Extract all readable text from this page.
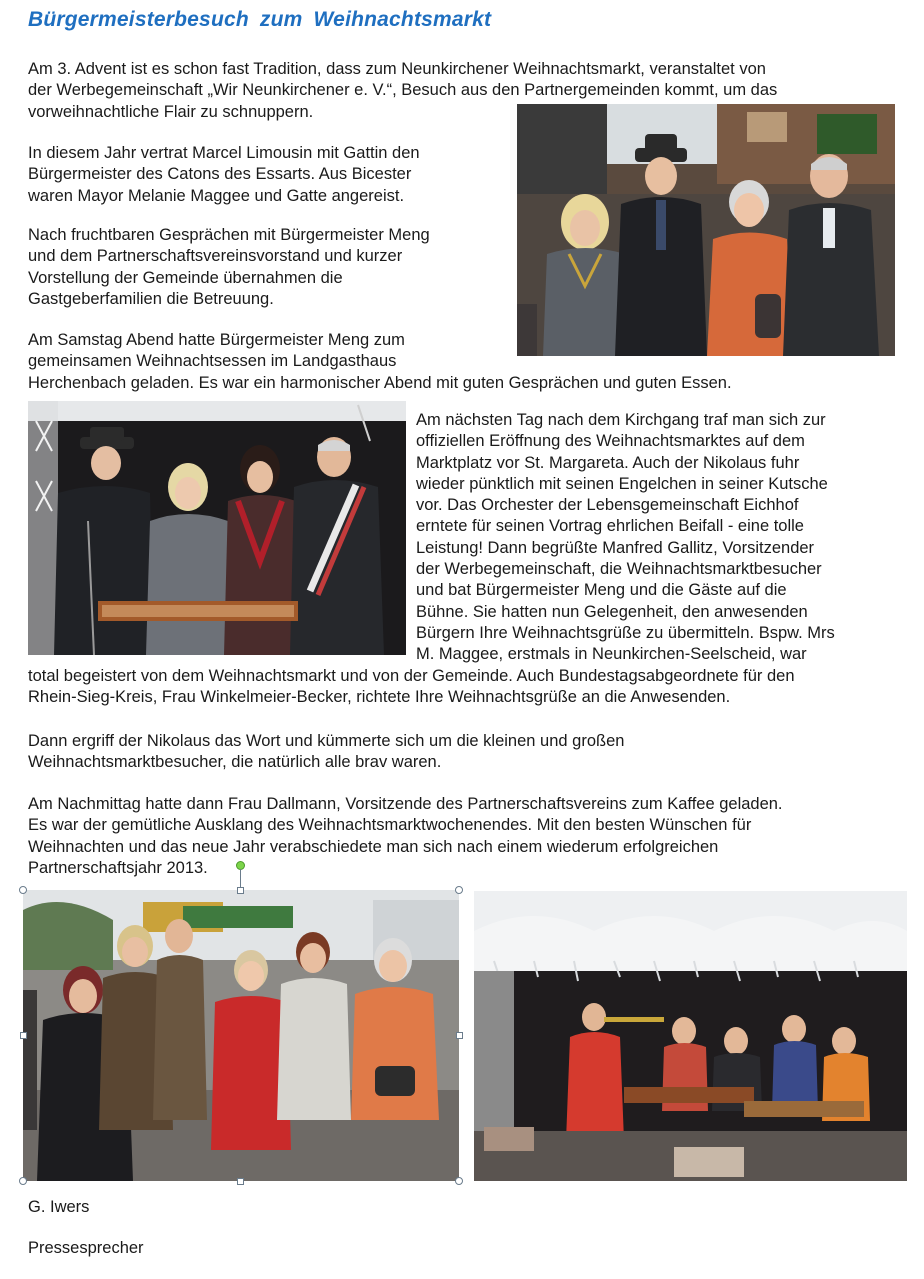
Bürgermeisterbesuch zum Weihnachtsmarkt
Am 3. Advent ist es schon fast Tradition, dass zum Neunkirchener Weihnachtsmarkt, veranstaltet von
der Werbegemeinschaft „Wir Neunkirchener e. V.“, Besuch aus den Partnergemeinden kommt, um das
vorweihnachtliche Flair zu schnuppern.
In diesem Jahr vertrat Marcel Limousin mit Gattin den
Bürgermeister des Catons des Essarts. Aus Bicester
waren Mayor Melanie Maggee und Gatte angereist.
Nach fruchtbaren Gesprächen mit Bürgermeister Meng
und dem Partnerschaftsvereinsvorstand und kurzer
Vorstellung der Gemeinde übernahmen die
Gastgeberfamilien die Betreuung.
Am Samstag Abend hatte Bürgermeister Meng zum
gemeinsamen Weihnachtsessen im Landgasthaus
Herchenbach geladen. Es war ein harmonischer Abend mit guten Gesprächen und guten Essen.
Am nächsten Tag nach dem Kirchgang traf man sich zur
offiziellen Eröffnung des Weihnachtsmarktes auf dem
Marktplatz vor St. Margareta. Auch der Nikolaus fuhr
wieder pünktlich mit seinen Engelchen in seiner Kutsche
vor. Das Orchester der Lebensgemeinschaft Eichhof
erntete für seinen Vortrag ehrlichen Beifall - eine tolle
Leistung! Dann begrüßte Manfred Gallitz, Vorsitzender
der Werbegemeinschaft, die Weihnachtsmarktbesucher
und bat Bürgermeister Meng und die Gäste auf die
Bühne. Sie hatten nun Gelegenheit, den anwesenden
Bürgern Ihre Weihnachtsgrüße zu übermitteln. Bspw. Mrs
M. Maggee, erstmals in Neunkirchen-Seelscheid, war
total begeistert von dem Weihnachtsmarkt und von der Gemeinde. Auch Bundestagsabgeordnete für den
Rhein-Sieg-Kreis, Frau Winkelmeier-Becker, richtete Ihre Weihnachtsgrüße an die Anwesenden.
Dann ergriff der Nikolaus das Wort und kümmerte sich um die kleinen und großen
Weihnachtsmarktbesucher, die natürlich alle brav waren.
Am Nachmittag hatte dann Frau Dallmann, Vorsitzende des Partnerschaftsvereins zum Kaffee geladen.
Es war der gemütliche Ausklang des Weihnachtsmarktwochenendes. Mit den besten Wünschen für
Weihnachten und das neue Jahr verabschiedete man sich nach einem wiederum erfolgreichen
Partnerschaftsjahr 2013.
G. Iwers
Pressesprecher
